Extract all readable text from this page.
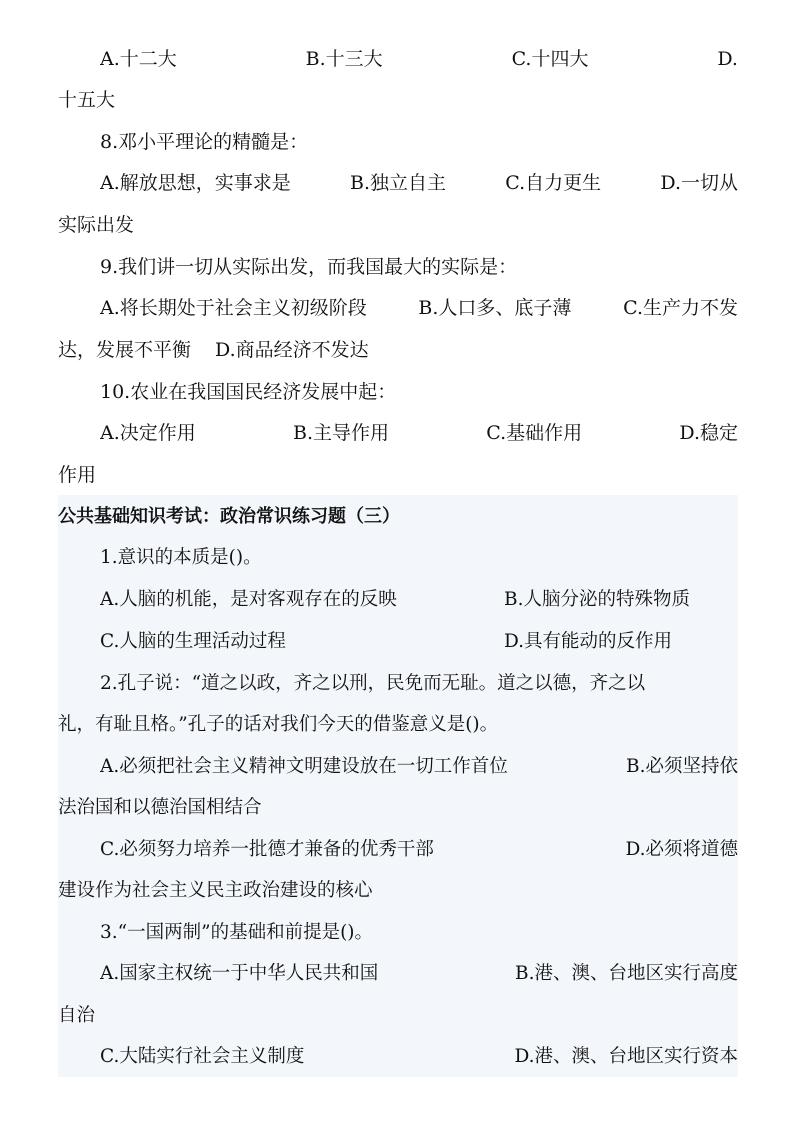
A.十二大	B.十三大	C.十四大	D.
十五大
8.邓小平理论的精髓是：
A.解放思想，实事求是	B.独立自主	C.自力更生	D.一切从
实际出发
9.我们讲一切从实际出发，而我国最大的实际是：
A.将长期处于社会主义初级阶段	B.人口多、底子薄	C.生产力不发
达，发展不平衡 D.商品经济不发达
10.农业在我国国民经济发展中起：
A.决定作用	B.主导作用	C.基础作用	D.稳定
作用
公共基础知识考试：政治常识练习题（三）
1.意识的本质是()。
A.人脑的机能，是对客观存在的反映	B.人脑分泌的特殊物质
C.人脑的生理活动过程	D.具有能动的反作用
2.孔子说：“道之以政，齐之以刑，民免而无耻。道之以德，齐之以
礼，有耻且格。”孔子的话对我们今天的借鉴意义是()。
A.必须把社会主义精神文明建设放在一切工作首位	B.必须坚持依
法治国和以德治国相结合
C.必须努力培养一批德才兼备的优秀干部	D.必须将道德
建设作为社会主义民主政治建设的核心
3.“一国两制”的基础和前提是()。
A.国家主权统一于中华人民共和国	B.港、澳、台地区实行高度
自治
C.大陆实行社会主义制度	D.港、澳、台地区实行资本
